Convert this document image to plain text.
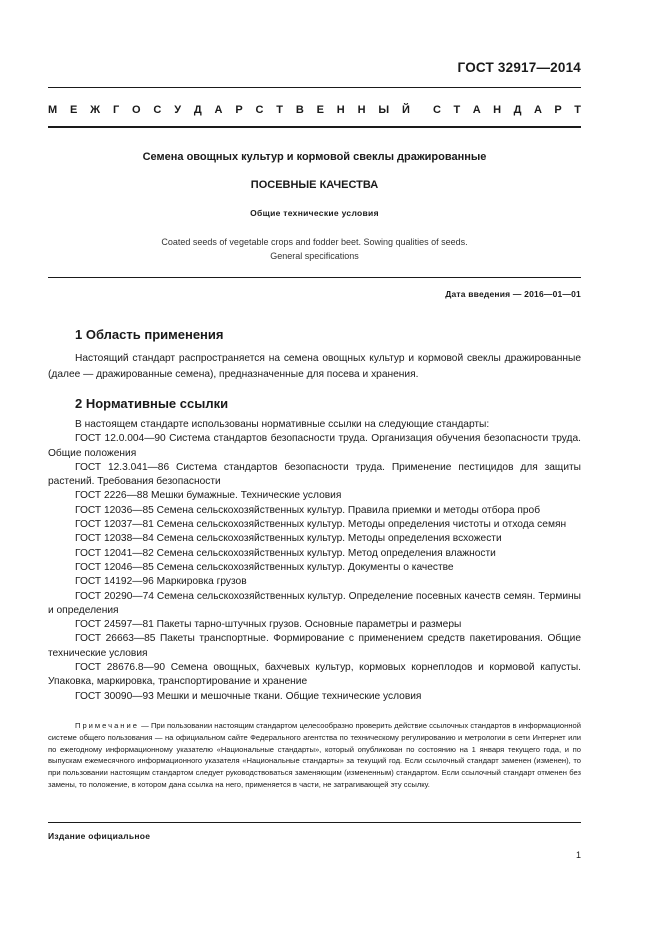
ГОСТ 32917—2014
М Е Ж Г О С У Д А Р С Т В Е Н Н Ы Й С Т А Н Д А Р Т
Семена овощных культур и кормовой свеклы дражированные
ПОСЕВНЫЕ КАЧЕСТВА
Общие технические условия
Coated seeds of vegetable crops and fodder beet. Sowing qualities of seeds.
General specifications
Дата введения — 2016—01—01
1 Область применения
Настоящий стандарт распространяется на семена овощных культур и кормовой свеклы дражированные (далее — дражированные семена), предназначенные для посева и хранения.
2 Нормативные ссылки
В настоящем стандарте использованы нормативные ссылки на следующие стандарты:
ГОСТ 12.0.004—90 Система стандартов безопасности труда. Организация обучения безопасности труда. Общие положения
ГОСТ 12.3.041—86 Система стандартов безопасности труда. Применение пестицидов для защиты растений. Требования безопасности
ГОСТ 2226—88 Мешки бумажные. Технические условия
ГОСТ 12036—85 Семена сельскохозяйственных культур. Правила приемки и методы отбора проб
ГОСТ 12037—81 Семена сельскохозяйственных культур. Методы определения чистоты и отхода семян
ГОСТ 12038—84 Семена сельскохозяйственных культур. Методы определения всхожести
ГОСТ 12041—82 Семена сельскохозяйственных культур. Метод определения влажности
ГОСТ 12046—85 Семена сельскохозяйственных культур. Документы о качестве
ГОСТ 14192—96 Маркировка грузов
ГОСТ 20290—74 Семена сельскохозяйственных культур. Определение посевных качеств семян. Термины и определения
ГОСТ 24597—81 Пакеты тарно-штучных грузов. Основные параметры и размеры
ГОСТ 26663—85 Пакеты транспортные. Формирование с применением средств пакетирования. Общие технические условия
ГОСТ 28676.8—90 Семена овощных, бахчевых культур, кормовых корнеплодов и кормовой капусты. Упаковка, маркировка, транспортирование и хранение
ГОСТ 30090—93 Мешки и мешочные ткани. Общие технические условия
Примечание — При пользовании настоящим стандартом целесообразно проверить действие ссылочных стандартов в информационной системе общего пользования — на официальном сайте Федерального агентства по техническому регулированию и метрологии в сети Интернет или по ежегодному информационному указателю «Национальные стандарты», который опубликован по состоянию на 1 января текущего года, и по выпускам ежемесячного информационного указателя «Национальные стандарты» за текущий год. Если ссылочный стандарт заменен (изменен), то при пользовании настоящим стандартом следует руководствоваться заменяющим (измененным) стандартом. Если ссылочный стандарт отменен без замены, то положение, в котором дана ссылка на него, применяется в части, не затрагивающей эту ссылку.
Издание официальное
1
